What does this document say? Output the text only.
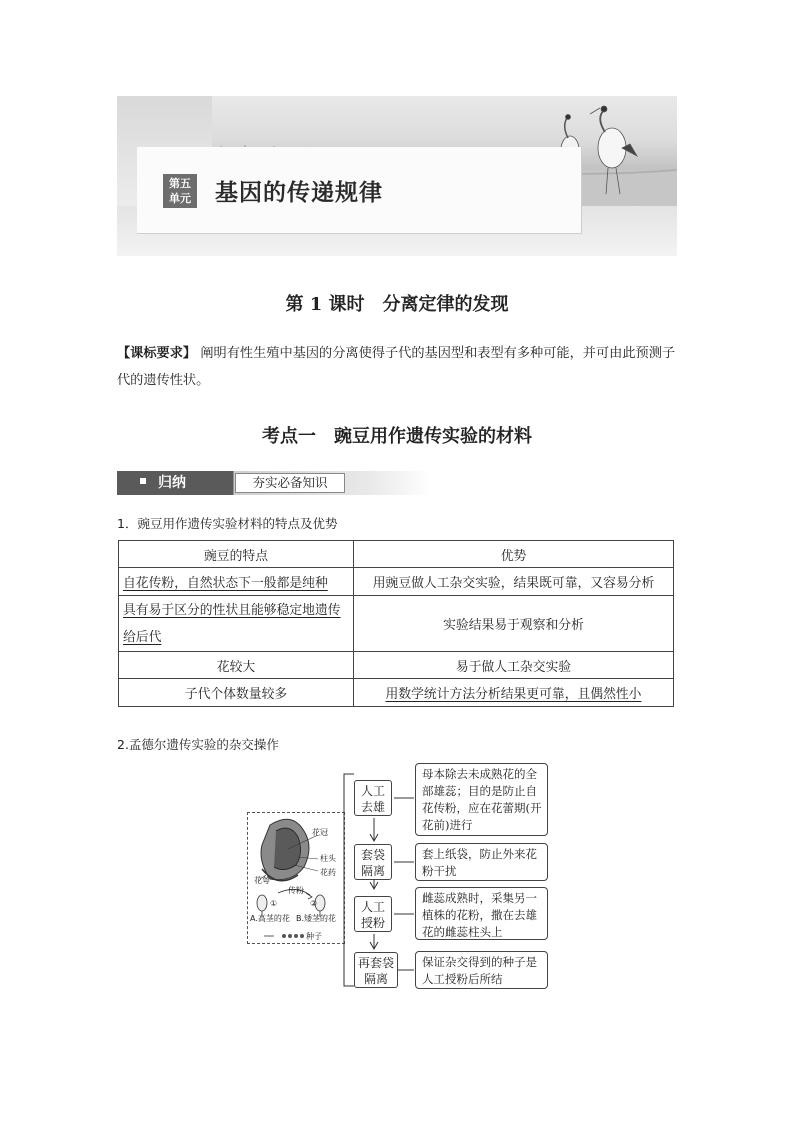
第五
单元 基因的传递规律
第 1 课时　分离定律的发现
【课标要求】 阐明有性生殖中基因的分离使得子代的基因型和表型有多种可能，并可由此预测子代的遗传性状。
考点一　豌豆用作遗传实验的材料
归纳	夯实必备知识
1．豌豆用作遗传实验材料的特点及优势
豌豆的特点	优势
自花传粉，自然状态下一般都是纯种	用豌豆做人工杂交实验，结果既可靠，又容易分析
具有易于区分的性状且能够稳定地遗传给后代	实验结果易于观察和分析
花较大	易于做人工杂交实验
子代个体数量较多	用数学统计方法分析结果更可靠，且偶然性小
2.孟德尔遗传实验的杂交操作
花冠
柱头
花药
花萼
传粉
①	②
A.高茎的花 B.矮茎的花
种子
人工
去雄
套袋
隔离
人工
授粉
再套袋
隔离
母本除去未成熟花的全部雄蕊；目的是防止自花传粉，应在花蕾期(开花前)进行
套上纸袋，防止外来花粉干扰
雌蕊成熟时，采集另一植株的花粉，撒在去雄花的雌蕊柱头上
保证杂交得到的种子是人工授粉后所结
